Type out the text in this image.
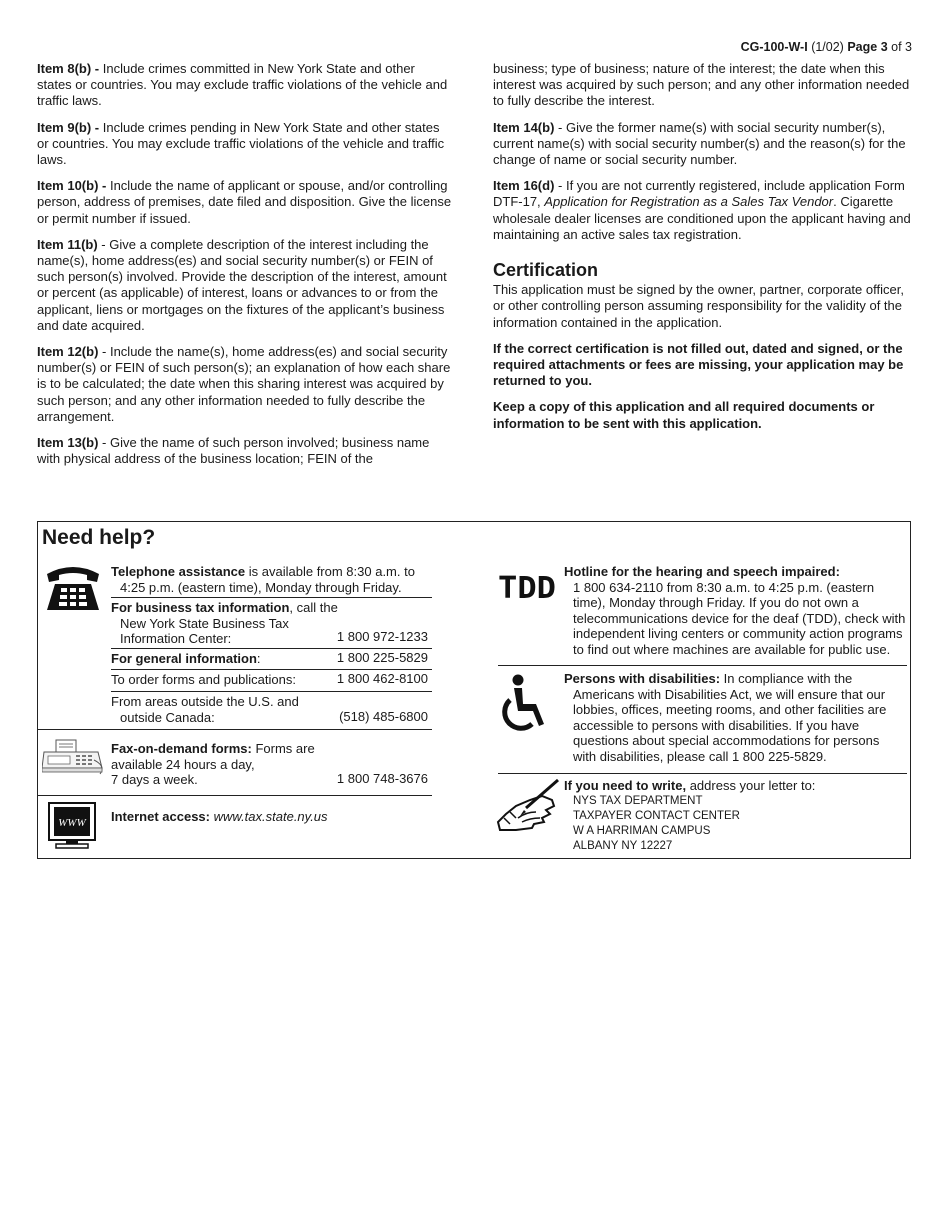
CG-100-W-I (1/02) Page 3 of 3

Item 8(b) - Include crimes committed in New York State and other states or countries. You may exclude traffic violations of the vehicle and traffic laws.

Item 9(b) - Include crimes pending in New York State and other states or countries. You may exclude traffic violations of the vehicle and traffic laws.

Item 10(b) - Include the name of applicant or spouse, and/or controlling person, address of premises, date filed and disposition. Give the license or permit number if issued.

Item 11(b) - Give a complete description of the interest including the name(s), home address(es) and social security number(s) or FEIN of such person(s) involved. Provide the description of the interest, amount or percent (as applicable) of interest, loans or advances to or from the applicant, liens or mortgages on the fixtures of the applicant’s business and date acquired.

Item 12(b) - Include the name(s), home address(es) and social security number(s) or FEIN of such person(s); an explanation of how each share is to be calculated; the date when this sharing interest was acquired by such person; and any other information needed to fully describe the arrangement.

Item 13(b) - Give the name of such person involved; business name with physical address of the business location; FEIN of the

business; type of business; nature of the interest; the date when this interest was acquired by such person; and any other information needed to fully describe the interest.

Item 14(b) - Give the former name(s) with social security number(s), current name(s) with social security number(s) and the reason(s) for the change of name or social security number.

Item 16(d) - If you are not currently registered, include application Form DTF-17, Application for Registration as a Sales Tax Vendor. Cigarette wholesale dealer licenses are conditioned upon the applicant having and maintaining an active sales tax registration.

Certification

This application must be signed by the owner, partner, corporate officer, or other controlling person assuming responsibility for the validity of the information contained in the application.

If the correct certification is not filled out, dated and signed, or the required attachments or fees are missing, your application may be returned to you.

Keep a copy of this application and all required documents or information to be sent with this application.

Need help?
Telephone assistance is available from 8:30 a.m. to
4:25 p.m. (eastern time), Monday through Friday.
For business tax information, call the
New York State Business Tax
Information Center:	1 800 972-1233
For general information:	1 800 225-5829
To order forms and publications:	1 800 462-8100
From areas outside the U.S. and
outside Canada:	(518) 485-6800
Fax-on-demand forms: Forms are
available 24 hours a day,
7 days a week.	1 800 748-3676
WWW Internet access: www.tax.state.ny.us
TDD Hotline for the hearing and speech impaired:
1 800 634-2110 from 8:30 a.m. to 4:25 p.m. (eastern time), Monday through Friday. If you do not own a telecommunications device for the deaf (TDD), check with independent living centers or community action programs to find out where machines are available for public use.
Persons with disabilities: In compliance with the
Americans with Disabilities Act, we will ensure that our lobbies, offices, meeting rooms, and other facilities are accessible to persons with disabilities. If you have questions about special accommodations for persons with disabilities, please call 1 800 225-5829.
If you need to write, address your letter to:
NYS TAX DEPARTMENT
TAXPAYER CONTACT CENTER
W A HARRIMAN CAMPUS
ALBANY NY 12227
